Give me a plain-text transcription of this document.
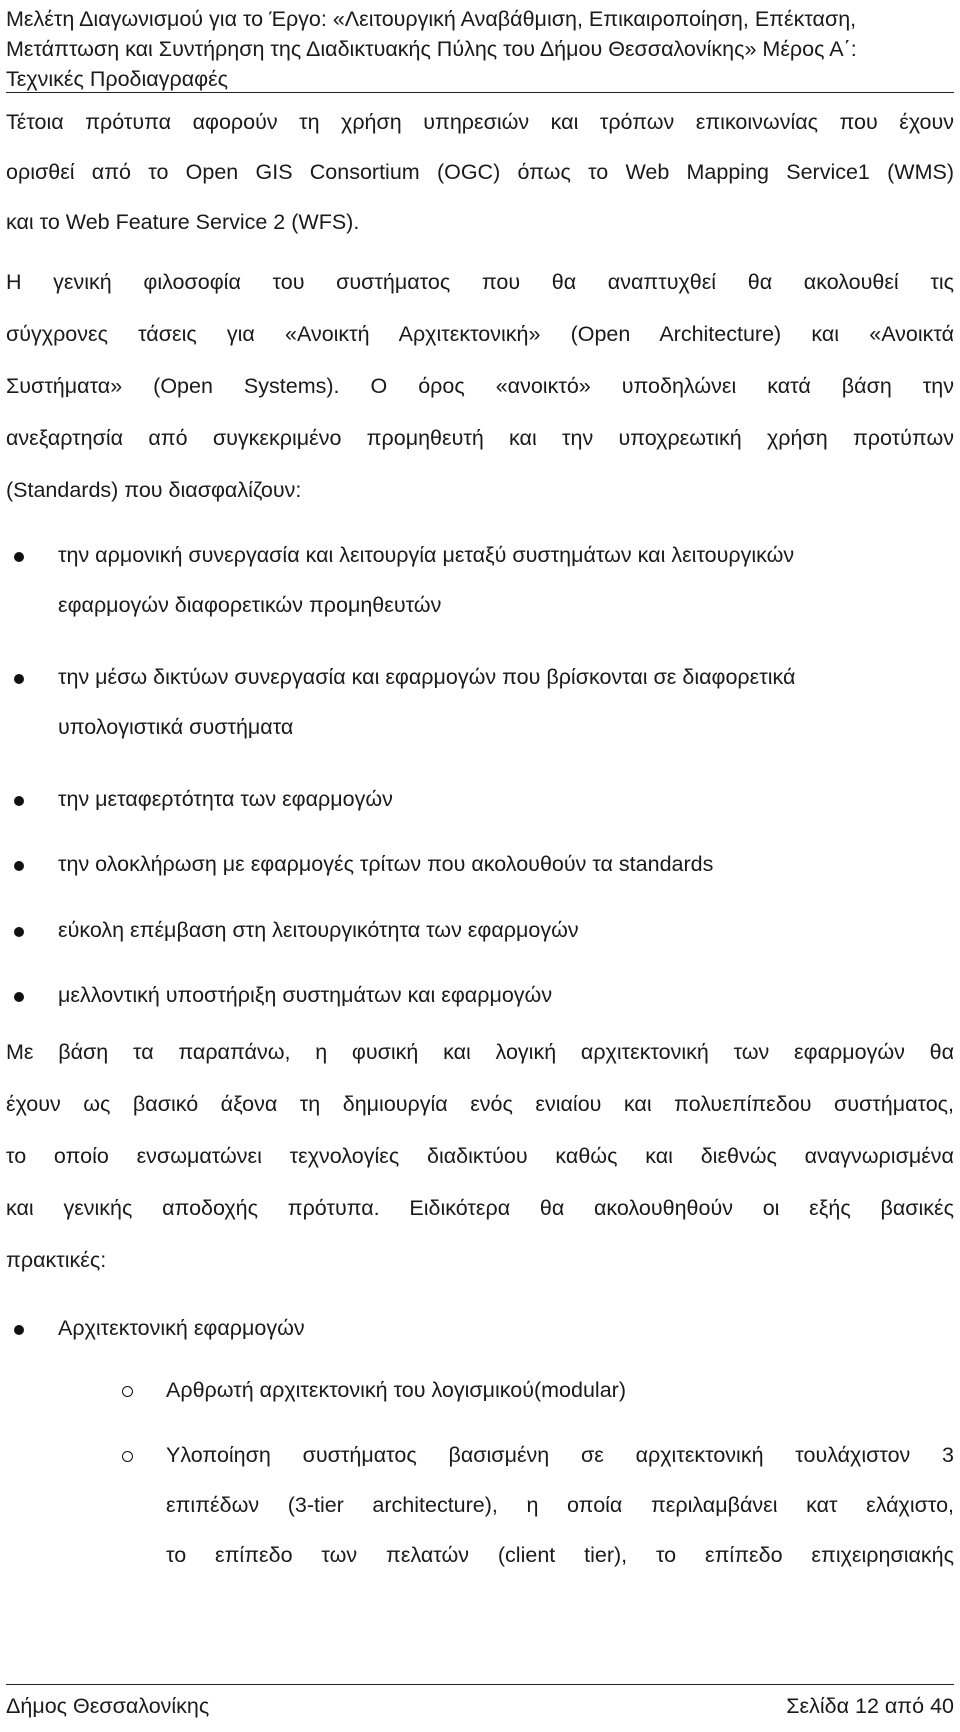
Μελέτη Διαγωνισμού για το Έργο: «Λειτουργική Αναβάθμιση, Επικαιροποίηση, Επέκταση,
Μετάπτωση και Συντήρηση της Διαδικτυακής Πύλης του Δήμου Θεσσαλονίκης» Μέρος Α΄:
Τεχνικές Προδιαγραφές
Τέτοια πρότυπα αφορούν τη χρήση υπηρεσιών και τρόπων επικοινωνίας που έχουν
ορισθεί από το Open GIS Consortium (OGC) όπως το Web Mapping Service1 (WMS)
και το Web Feature Service 2 (WFS).
Η γενική φιλοσοφία του συστήματος που θα αναπτυχθεί θα ακολουθεί τις
σύγχρονες τάσεις για «Ανοικτή Αρχιτεκτονική» (Open Architecture) και «Ανοικτά
Συστήματα» (Open Systems). Ο όρος «ανοικτό» υποδηλώνει κατά βάση την
ανεξαρτησία από συγκεκριμένο προμηθευτή και την υποχρεωτική χρήση προτύπων
(Standards) που διασφαλίζουν:
την αρμονική συνεργασία και λειτουργία μεταξύ συστημάτων και λειτουργικών
εφαρμογών διαφορετικών προμηθευτών
την μέσω δικτύων συνεργασία και εφαρμογών που βρίσκονται σε διαφορετικά
υπολογιστικά συστήματα
την μεταφερτότητα των εφαρμογών
την ολοκλήρωση με εφαρμογές τρίτων που ακολουθούν τα standards
εύκολη επέμβαση στη λειτουργικότητα των εφαρμογών
μελλοντική υποστήριξη συστημάτων και εφαρμογών
Με βάση τα παραπάνω, η φυσική και λογική αρχιτεκτονική των εφαρμογών θα
έχουν ως βασικό άξονα τη δημιουργία ενός ενιαίου και πολυεπίπεδου συστήματος,
το οποίο ενσωματώνει τεχνολογίες διαδικτύου καθώς και διεθνώς αναγνωρισμένα
και γενικής αποδοχής πρότυπα. Ειδικότερα θα ακολουθηθούν οι εξής βασικές
πρακτικές:
Αρχιτεκτονική εφαρμογών
Αρθρωτή αρχιτεκτονική του λογισμικού(modular)
Υλοποίηση συστήματος βασισμένη σε αρχιτεκτονική τουλάχιστον 3
επιπέδων (3-tier architecture), η οποία περιλαμβάνει κατ ελάχιστο,
το επίπεδο των πελατών (client tier), το επίπεδο επιχειρησιακής
Δήμος Θεσσαλονίκης	Σελίδα 12 από 40
